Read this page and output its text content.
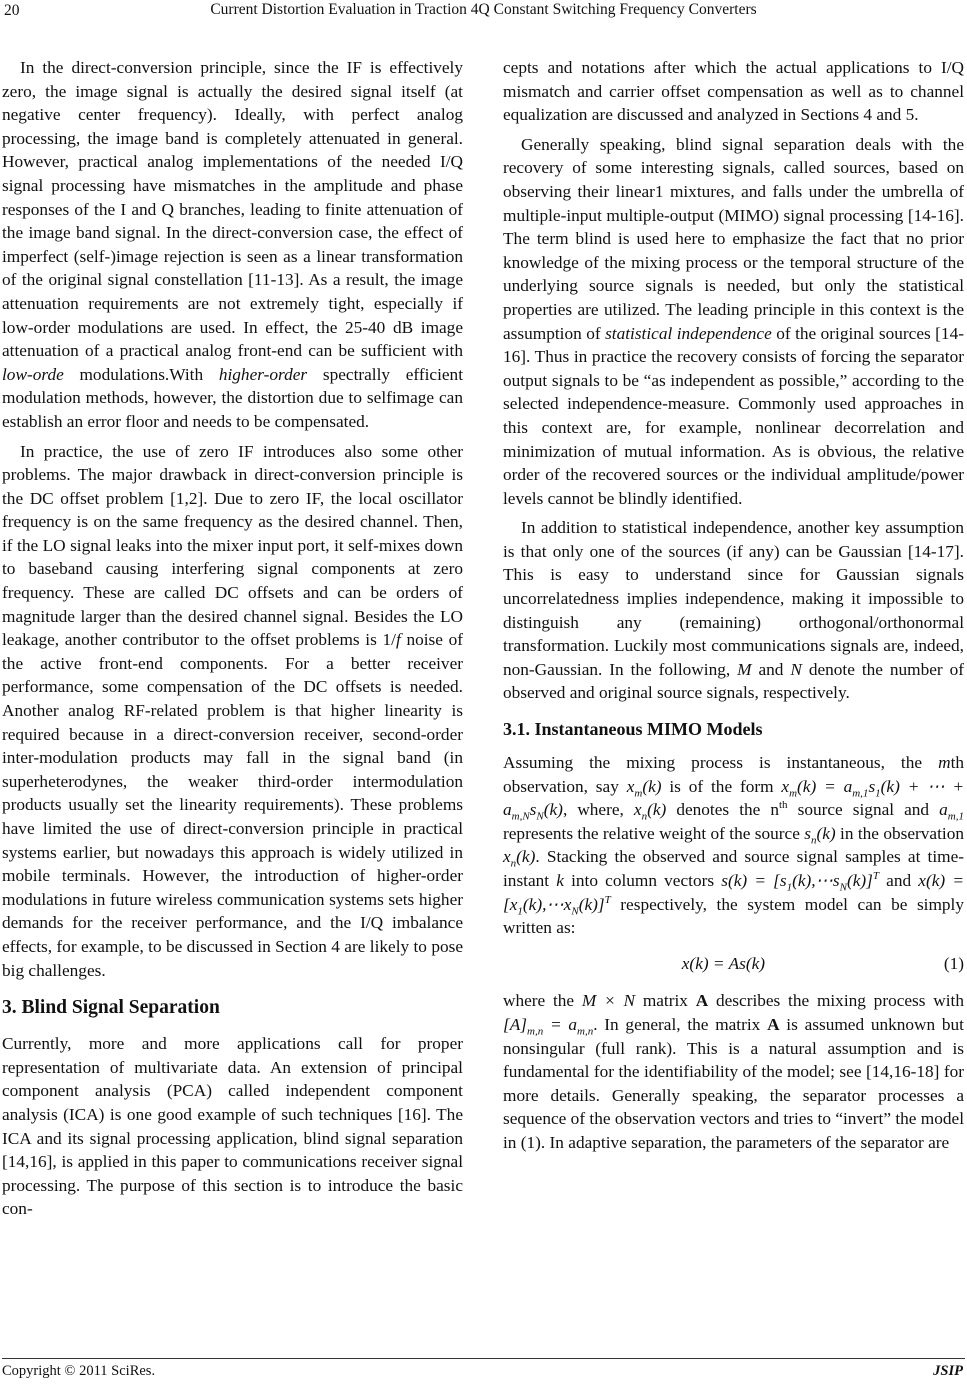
20	Current Distortion Evaluation in Traction 4Q Constant Switching Frequency Converters

In the direct-conversion principle, since the IF is effectively zero, the image signal is actually the desired signal itself (at negative center frequency). Ideally, with perfect analog processing, the image band is completely attenuated in general. However, practical analog implementations of the needed I/Q signal processing have mismatches in the amplitude and phase responses of the I and Q branches, leading to finite attenuation of the image band signal. In the direct-conversion case, the effect of imperfect (self-)image rejection is seen as a linear transformation of the original signal constellation [11-13]. As a result, the image attenuation requirements are not extremely tight, especially if low-order modulations are used. In effect, the 25-40 dB image attenuation of a practical analog front-end can be sufficient with low-orde modulations.With higher-order spectrally efficient modulation methods, however, the distortion due to selfimage can establish an error floor and needs to be compensated.

In practice, the use of zero IF introduces also some other problems. The major drawback in direct-conversion principle is the DC offset problem [1,2]. Due to zero IF, the local oscillator frequency is on the same frequency as the desired channel. Then, if the LO signal leaks into the mixer input port, it self-mixes down to baseband causing interfering signal components at zero frequency. These are called DC offsets and can be orders of magnitude larger than the desired channel signal. Besides the LO leakage, another contributor to the offset problems is 1/f noise of the active front-end components. For a better receiver performance, some compensation of the DC offsets is needed. Another analog RF-related problem is that higher linearity is required because in a direct-conversion receiver, second-order inter-modulation products may fall in the signal band (in superheterodynes, the weaker third-order intermodulation products usually set the linearity requirements). These problems have limited the use of direct-conversion principle in practical systems earlier, but nowadays this approach is widely utilized in mobile terminals. However, the introduction of higher-order modulations in future wireless communication systems sets higher demands for the receiver performance, and the I/Q imbalance effects, for example, to be discussed in Section 4 are likely to pose big challenges.

3. Blind Signal Separation

Currently, more and more applications call for proper representation of multivariate data. An extension of principal component analysis (PCA) called independent component analysis (ICA) is one good example of such techniques [16]. The ICA and its signal processing application, blind signal separation [14,16], is applied in this paper to communications receiver signal processing. The purpose of this section is to introduce the basic con-

cepts and notations after which the actual applications to I/Q mismatch and carrier offset compensation as well as to channel equalization are discussed and analyzed in Sections 4 and 5.

Generally speaking, blind signal separation deals with the recovery of some interesting signals, called sources, based on observing their linear1 mixtures, and falls under the umbrella of multiple-input multiple-output (MIMO) signal processing [14-16]. The term blind is used here to emphasize the fact that no prior knowledge of the mixing process or the temporal structure of the underlying source signals is needed, but only the statistical properties are utilized. The leading principle in this context is the assumption of statistical independence of the original sources [14-16]. Thus in practice the recovery consists of forcing the separator output signals to be “as independent as possible,” according to the selected independence-measure. Commonly used approaches in this context are, for example, nonlinear decorrelation and minimization of mutual information. As is obvious, the relative order of the recovered sources or the individual amplitude/power levels cannot be blindly identified.

In addition to statistical independence, another key assumption is that only one of the sources (if any) can be Gaussian [14-17]. This is easy to understand since for Gaussian signals uncorrelatedness implies independence, making it impossible to distinguish any (remaining) orthogonal/orthonormal transformation. Luckily most communications signals are, indeed, non-Gaussian. In the following, M and N denote the number of observed and original source signals, respectively.

3.1. Instantaneous MIMO Models

Assuming the mixing process is instantaneous, the mth observation, say $x_m(k)$ is of the form $x_m(k) = a_{m,1}s_1(k)$ + ⋯ + $a_{m,N}s_N(k)$, where, $x_n(k)$ denotes the $n^{th}$ source signal and $a_{m,1}$ represents the relative weight of the source $s_n(k)$ in the observation $x_n(k)$. Stacking the observed and source signal samples at time-instant k into column vectors $s(k) = [s_1(k),\cdots s_N(k)]^T$ and $x(k) = [x_1(k),\cdots x_N(k)]^T$ respectively, the system model can be simply written as:

x(k) = As(k)	(1)

where the M × N matrix A describes the mixing process with $[A]_{m,n} = a_{m,n}$. In general, the matrix A is assumed unknown but nonsingular (full rank). This is a natural assumption and is fundamental for the identifiability of the model; see [14,16-18] for more details. Generally speaking, the separator processes a sequence of the observation vectors and tries to “invert” the model in (1). In adaptive separation, the parameters of the separator are

Copyright © 2011 SciRes.	JSIP
